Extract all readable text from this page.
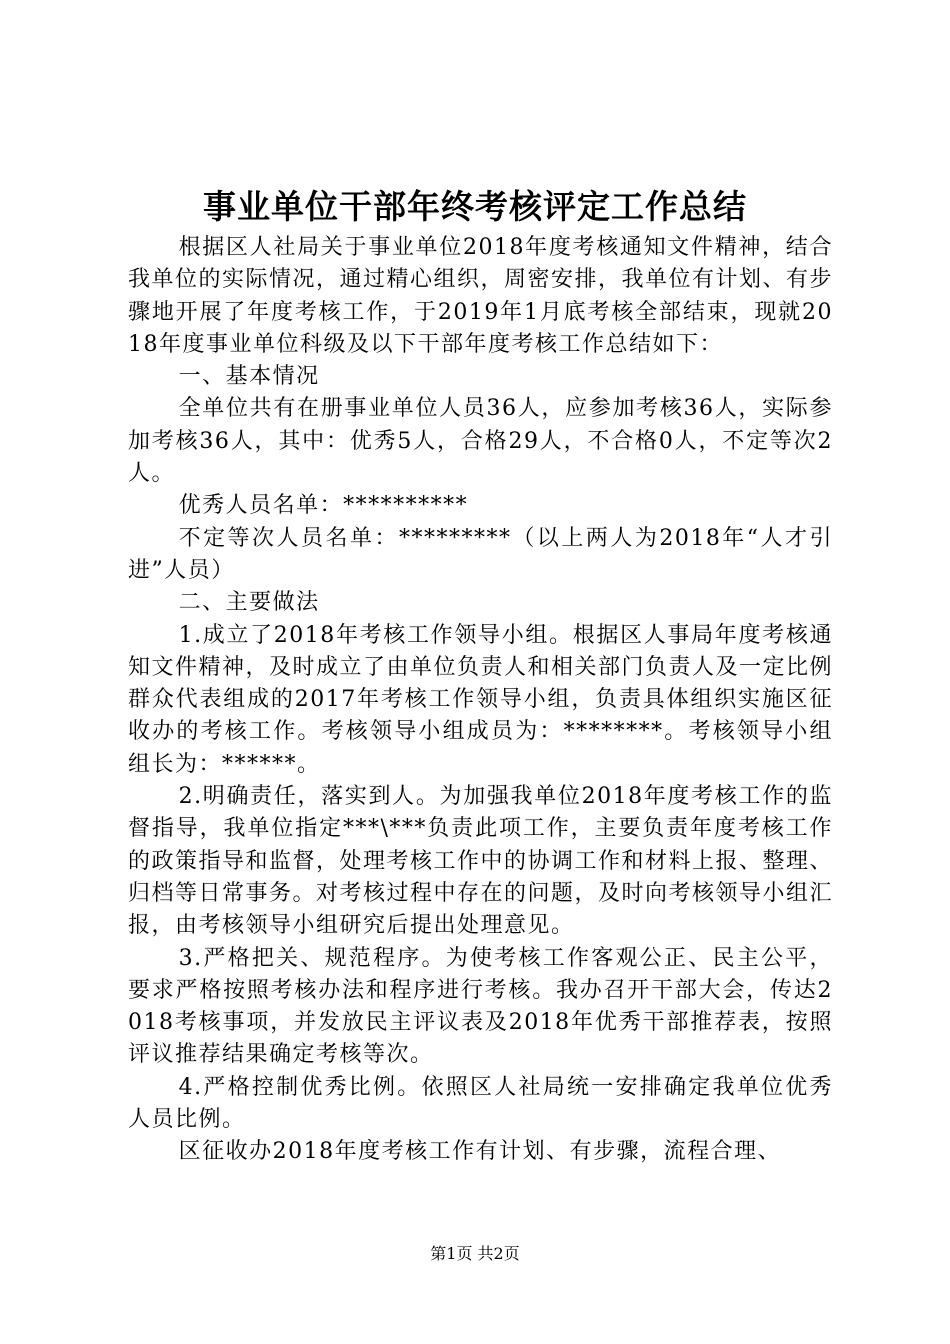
事业单位干部年终考核评定工作总结

根据区人社局关于事业单位2018年度考核通知文件精神，结合我单位的实际情况，通过精心组织，周密安排，我单位有计划、有步骤地开展了年度考核工作，于2019年1月底考核全部结束，现就2018年度事业单位科级及以下干部年度考核工作总结如下：

一、基本情况

全单位共有在册事业单位人员36人，应参加考核36人，实际参加考核36人，其中：优秀5人，合格29人，不合格0人，不定等次2人。

优秀人员名单：**********

不定等次人员名单：*********（以上两人为2018年“人才引进”人员）

二、主要做法

1.成立了2018年考核工作领导小组。根据区人事局年度考核通知文件精神，及时成立了由单位负责人和相关部门负责人及一定比例群众代表组成的2017年考核工作领导小组，负责具体组织实施区征收办的考核工作。考核领导小组成员为：********。考核领导小组组长为：******。

2.明确责任，落实到人。为加强我单位2018年度考核工作的监督指导，我单位指定***\***负责此项工作，主要负责年度考核工作的政策指导和监督，处理考核工作中的协调工作和材料上报、整理、归档等日常事务。对考核过程中存在的问题，及时向考核领导小组汇报，由考核领导小组研究后提出处理意见。

3.严格把关、规范程序。为使考核工作客观公正、民主公平，要求严格按照考核办法和程序进行考核。我办召开干部大会，传达2018考核事项，并发放民主评议表及2018年优秀干部推荐表，按照评议推荐结果确定考核等次。

4.严格控制优秀比例。依照区人社局统一安排确定我单位优秀人员比例。

区征收办2018年度考核工作有计划、有步骤，流程合理、

第1页 共2页
